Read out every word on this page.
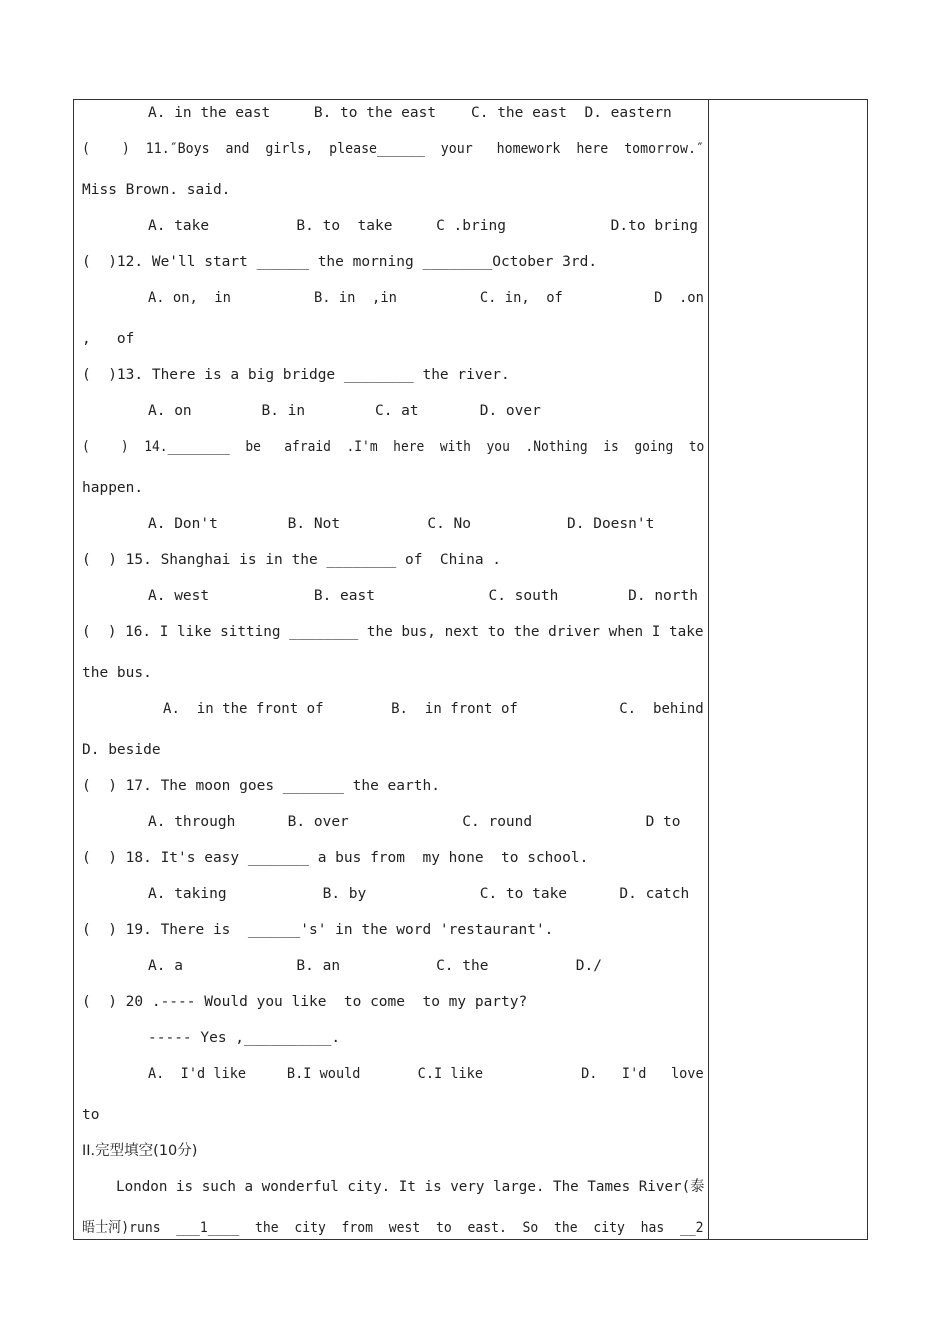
A. in the east     B. to the east    C. the east  D. eastern
(    )  11.″Boys  and  girls,  please______  your   homework  here  tomorrow.″
Miss Brown. said.
A. take          B. to  take     C .bring            D.to bring
(  )12. We'll start ______ the morning ________October 3rd.
A. on,  in          B. in  ,in          C. in,  of           D  .on
,   of
(  )13. There is a big bridge ________ the river.
A. on        B. in        C. at       D. over
(    )  14.________  be   afraid  .I'm  here  with  you  .Nothing  is  going  to
happen.
A. Don't        B. Not          C. No           D. Doesn't
(  ) 15. Shanghai is in the ________ of  China .
A. west            B. east             C. south        D. north
(  ) 16. I like sitting ________ the bus, next to the driver when I take
the bus.
A.  in the front of        B.  in front of            C.  behind
D. beside
(  ) 17. The moon goes _______ the earth.
A. through      B. over             C. round             D to
(  ) 18. It's easy _______ a bus from  my hone  to school.
A. taking           B. by             C. to take      D. catch
(  ) 19. There is  ______'s' in the word 'restaurant'.
A. a             B. an           C. the          D./
(  ) 20 .---- Would you like  to come  to my party?
----- Yes ,__________.
A.  I'd like     B.I would       C.I like            D.   I'd   love
to
II.完型填空(10分)
London is such a wonderful city. It is very large. The Tames River(泰
晤士河)runs  ___1____  the  city  from  west  to  east.  So  the  city  has  __2
